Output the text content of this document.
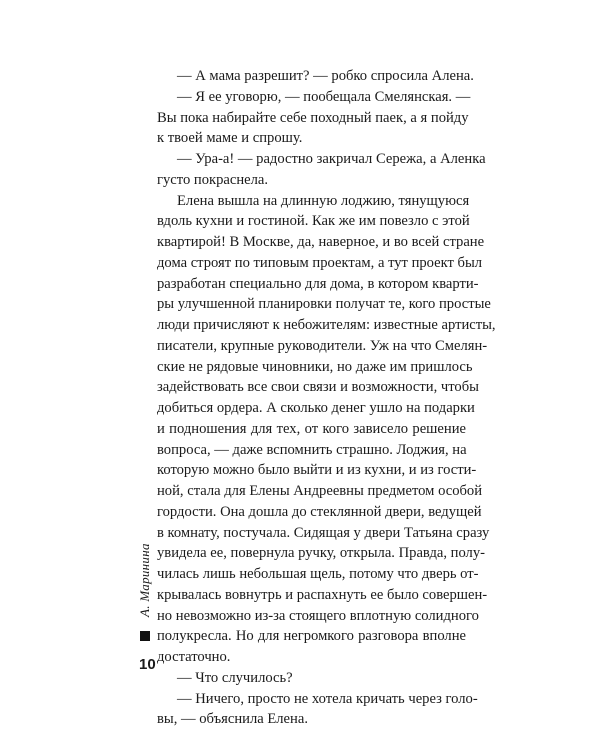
— А мама разрешит? — робко спросила Алена.

— Я ее уговорю, — пообещала Смелянская. —
Вы пока набирайте себе походный паек, а я пойду
к твоей маме и спрошу.

— Ура-а! — радостно закричал Сережа, а Аленка
густо покраснела.

Елена вышла на длинную лоджию, тянущуюся
вдоль кухни и гостиной. Как же им повезло с этой
квартирой! В Москве, да, наверное, и во всей стране
дома строят по типовым проектам, а тут проект был
разработан специально для дома, в котором кварти-
ры улучшенной планировки получат те, кого простые
люди причисляют к небожителям: известные артисты,
писатели, крупные руководители. Уж на что Смелян-
ские не рядовые чиновники, но даже им пришлось
задействовать все свои связи и возможности, чтобы
добиться ордера. А сколько денег ушло на подарки
и подношения для тех, от кого зависело решение
вопроса, — даже вспомнить страшно. Лоджия, на
которую можно было выйти и из кухни, и из гости-
ной, стала для Елены Андреевны предметом особой
гордости. Она дошла до стеклянной двери, ведущей
в комнату, постучала. Сидящая у двери Татьяна сразу
увидела ее, повернула ручку, открыла. Правда, полу-
чилась лишь небольшая щель, потому что дверь от-
крывалась вовнутрь и распахнуть ее было совершен-
но невозможно из-за стоящего вплотную солидного
полукресла. Но для негромкого разговора вполне
достаточно.

— Что случилось?

— Ничего, просто не хотела кричать через голо-
вы, — объяснила Елена.

А. Маринина
10
